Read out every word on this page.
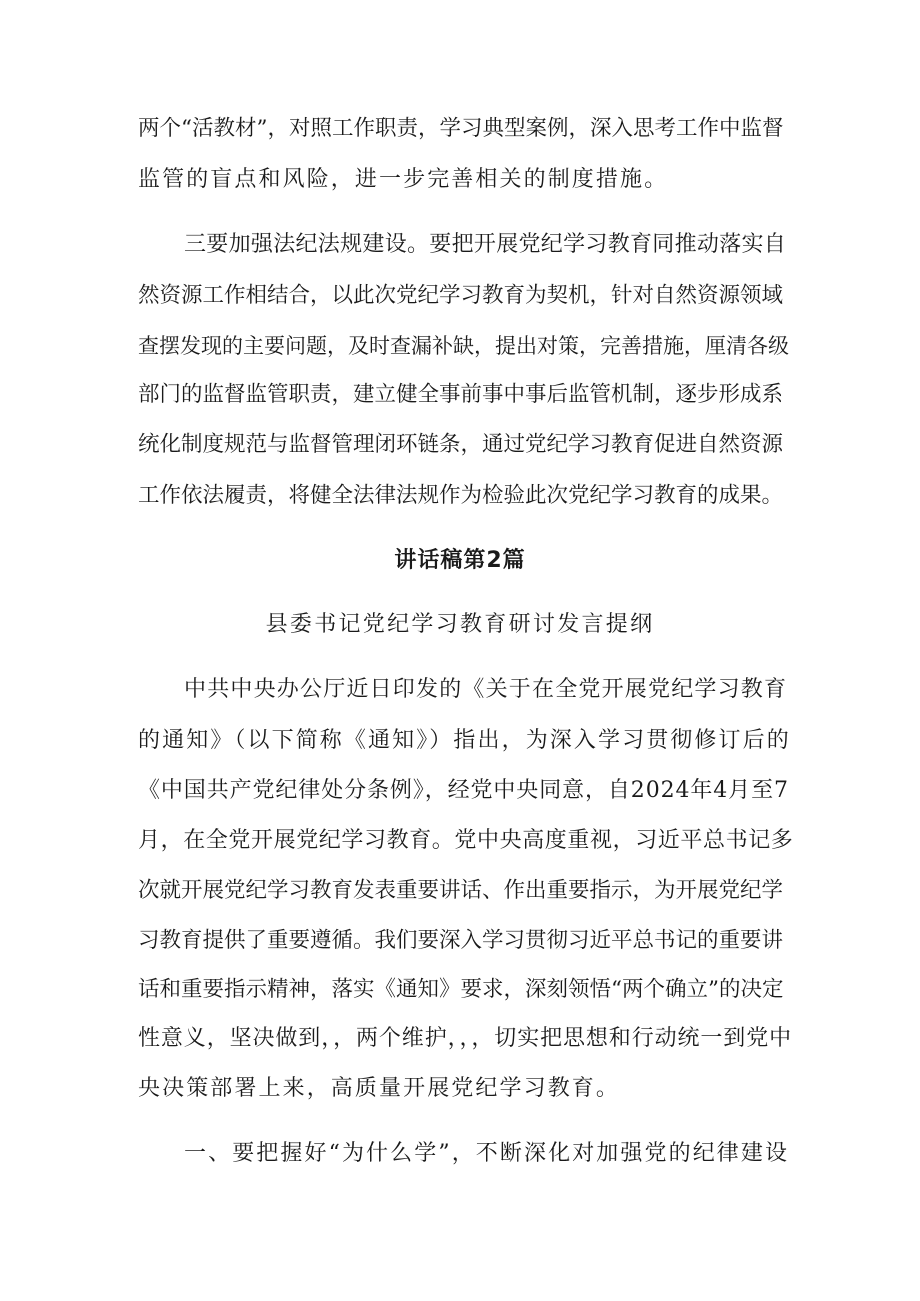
两个“活教材”，对照工作职责，学习典型案例，深入思考工作中监督
监管的盲点和风险，进一步完善相关的制度措施。
三要加强法纪法规建设。要把开展党纪学习教育同推动落实自
然资源工作相结合，以此次党纪学习教育为契机，针对自然资源领域
查摆发现的主要问题，及时查漏补缺，提出对策，完善措施，厘清各级
部门的监督监管职责，建立健全事前事中事后监管机制，逐步形成系
统化制度规范与监督管理闭环链条，通过党纪学习教育促进自然资源
工作依法履责，将健全法律法规作为检验此次党纪学习教育的成果。
讲话稿第2篇
县委书记党纪学习教育研讨发言提纲
中共中央办公厅近日印发的《关于在全党开展党纪学习教育
的通知》（以下简称《通知》）指出，为深入学习贯彻修订后的
《中国共产党纪律处分条例》，经党中央同意，自2024年4月至7
月，在全党开展党纪学习教育。党中央高度重视，习近平总书记多
次就开展党纪学习教育发表重要讲话、作出重要指示，为开展党纪学
习教育提供了重要遵循。我们要深入学习贯彻习近平总书记的重要讲
话和重要指示精神，落实《通知》要求，深刻领悟“两个确立”的决定
性意义，坚决做到，，两个维护，，，切实把思想和行动统一到党中
央决策部署上来，高质量开展党纪学习教育。
一、要把握好“为什么学”，不断深化对加强党的纪律建设
